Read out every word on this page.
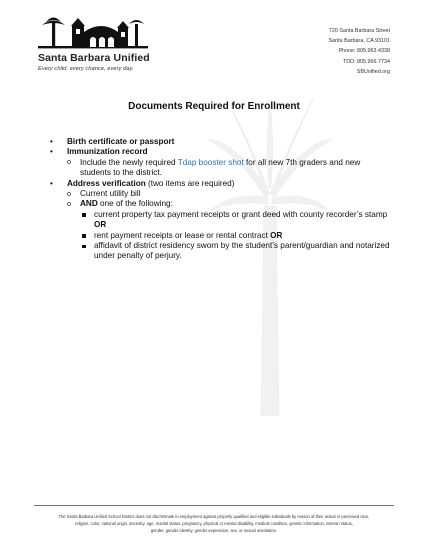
Santa Barbara Unified
Every child, every chance, every day.
720 Santa Barbara Street
Santa Barbara, CA 93101
Phone: 805.963.4338
TDD: 805.966.7734
SBUnified.org
Documents Required for Enrollment
• Birth certificate or passport
• Immunization record
o Include the newly required Tdap booster shot for all new 7th graders and new students to the district.
• Address verification (two items are required)
o Current utility bill
o AND one of the following:
current property tax payment receipts or grant deed with county recorder’s stamp OR
rent payment receipts or lease or rental contract OR
affidavit of district residency sworn by the student’s parent/guardian and notarized under penalty of perjury.
The Santa Barbara Unified School District does not discriminate in employment against properly qualified and eligible individuals by reason of their actual or perceived race,
religion, color, national origin, ancestry, age, marital status, pregnancy, physical or mental disability, medical condition, genetic information, veteran status,
gender, gender identity, gender expression, sex, or sexual orientation.
